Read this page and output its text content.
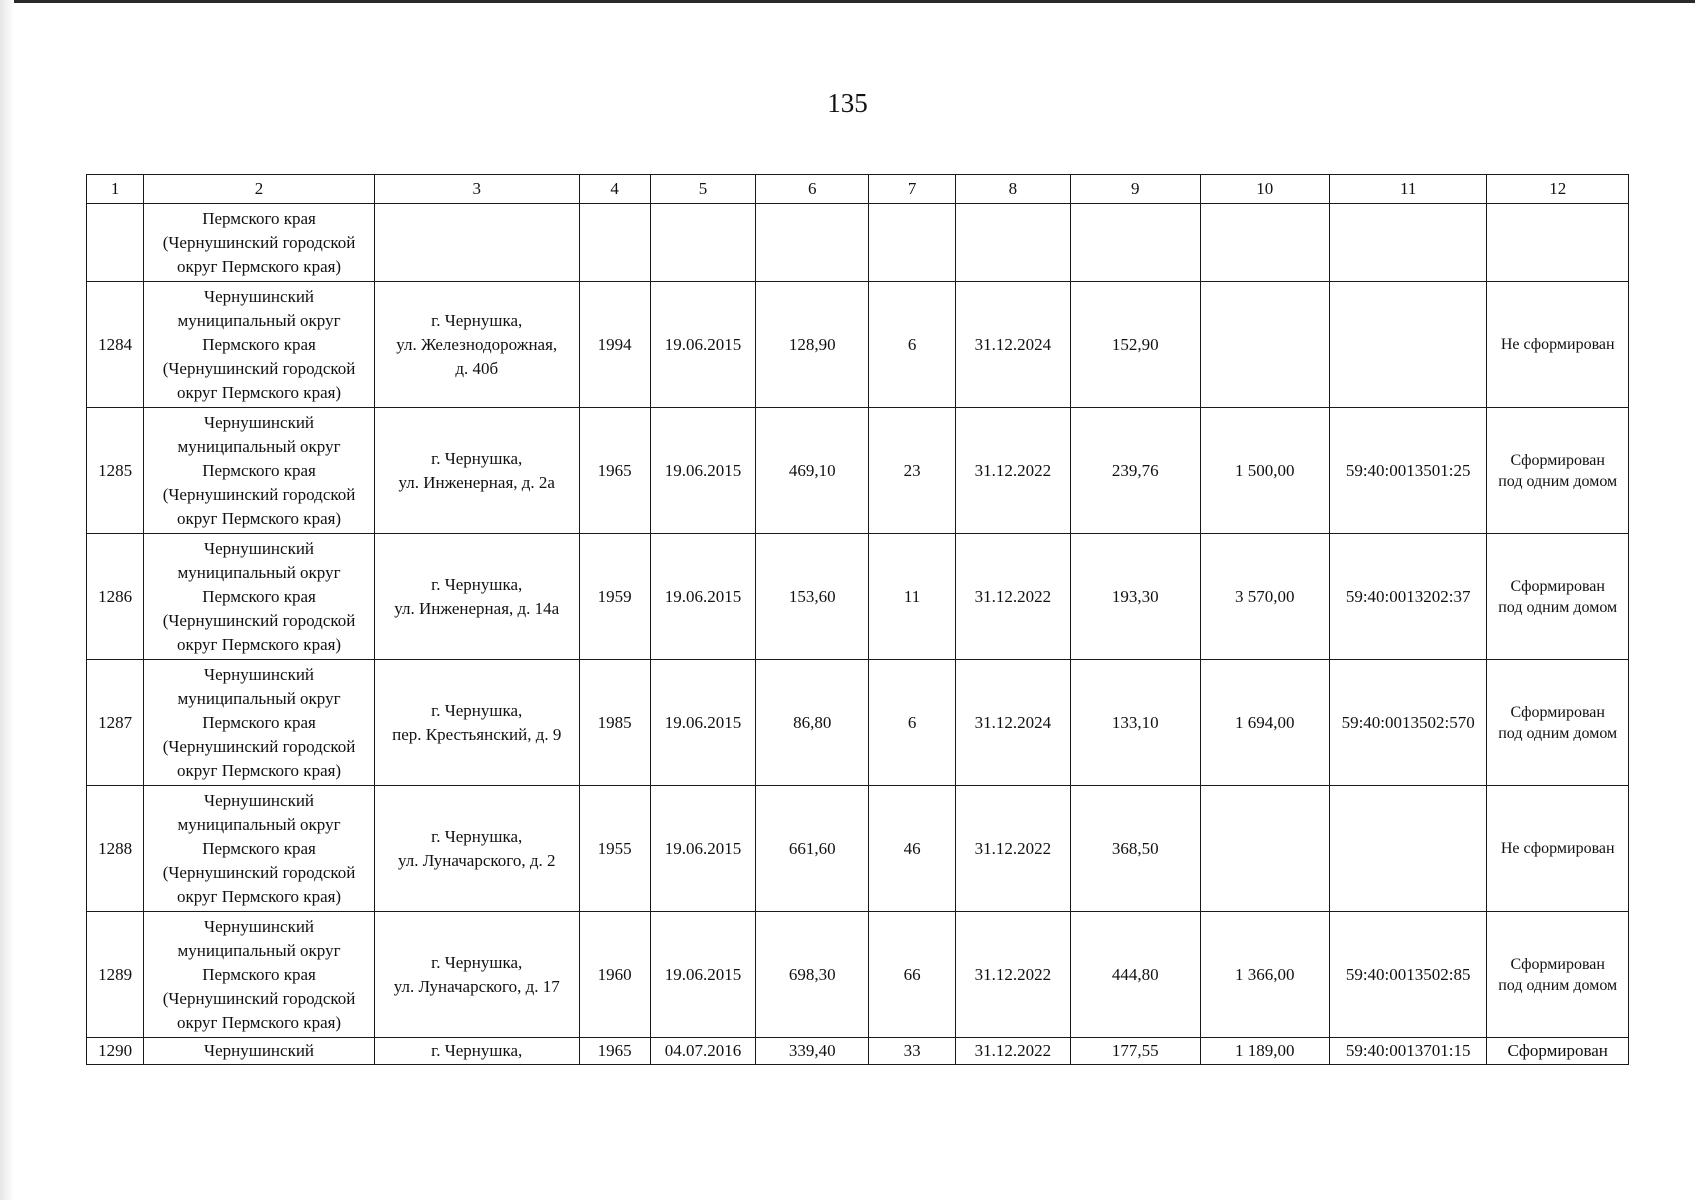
135
1	2	3	4	5	6	7	8	9	10	11	12

	Пермского края
(Чернушинский городской
округ Пермского края)										

1284	Чернушинский
муниципальный округ
Пермского края
(Чернушинский городской
округ Пермского края)	г. Чернушка,
ул. Железнодорожная,
д. 40б	1994	19.06.2015	128,90	6	31.12.2024	152,90			Не сформирован

1285	Чернушинский
муниципальный округ
Пермского края
(Чернушинский городской
округ Пермского края)	г. Чернушка,
ул. Инженерная, д. 2а	1965	19.06.2015	469,10	23	31.12.2022	239,76	1 500,00	59:40:0013501:25	Сформирован
под одним домом

1286	Чернушинский
муниципальный округ
Пермского края
(Чернушинский городской
округ Пермского края)	г. Чернушка,
ул. Инженерная, д. 14а	1959	19.06.2015	153,60	11	31.12.2022	193,30	3 570,00	59:40:0013202:37	Сформирован
под одним домом

1287	Чернушинский
муниципальный округ
Пермского края
(Чернушинский городской
округ Пермского края)	г. Чернушка,
пер. Крестьянский, д. 9	1985	19.06.2015	86,80	6	31.12.2024	133,10	1 694,00	59:40:0013502:570	Сформирован
под одним домом

1288	Чернушинский
муниципальный округ
Пермского края
(Чернушинский городской
округ Пермского края)	г. Чернушка,
ул. Луначарского, д. 2	1955	19.06.2015	661,60	46	31.12.2022	368,50			Не сформирован

1289	Чернушинский
муниципальный округ
Пермского края
(Чернушинский городской
округ Пермского края)	г. Чернушка,
ул. Луначарского, д. 17	1960	19.06.2015	698,30	66	31.12.2022	444,80	1 366,00	59:40:0013502:85	Сформирован
под одним домом

1290	Чернушинский	г. Чернушка,	1965	04.07.2016	339,40	33	31.12.2022	177,55	1 189,00	59:40:0013701:15	Сформирован
